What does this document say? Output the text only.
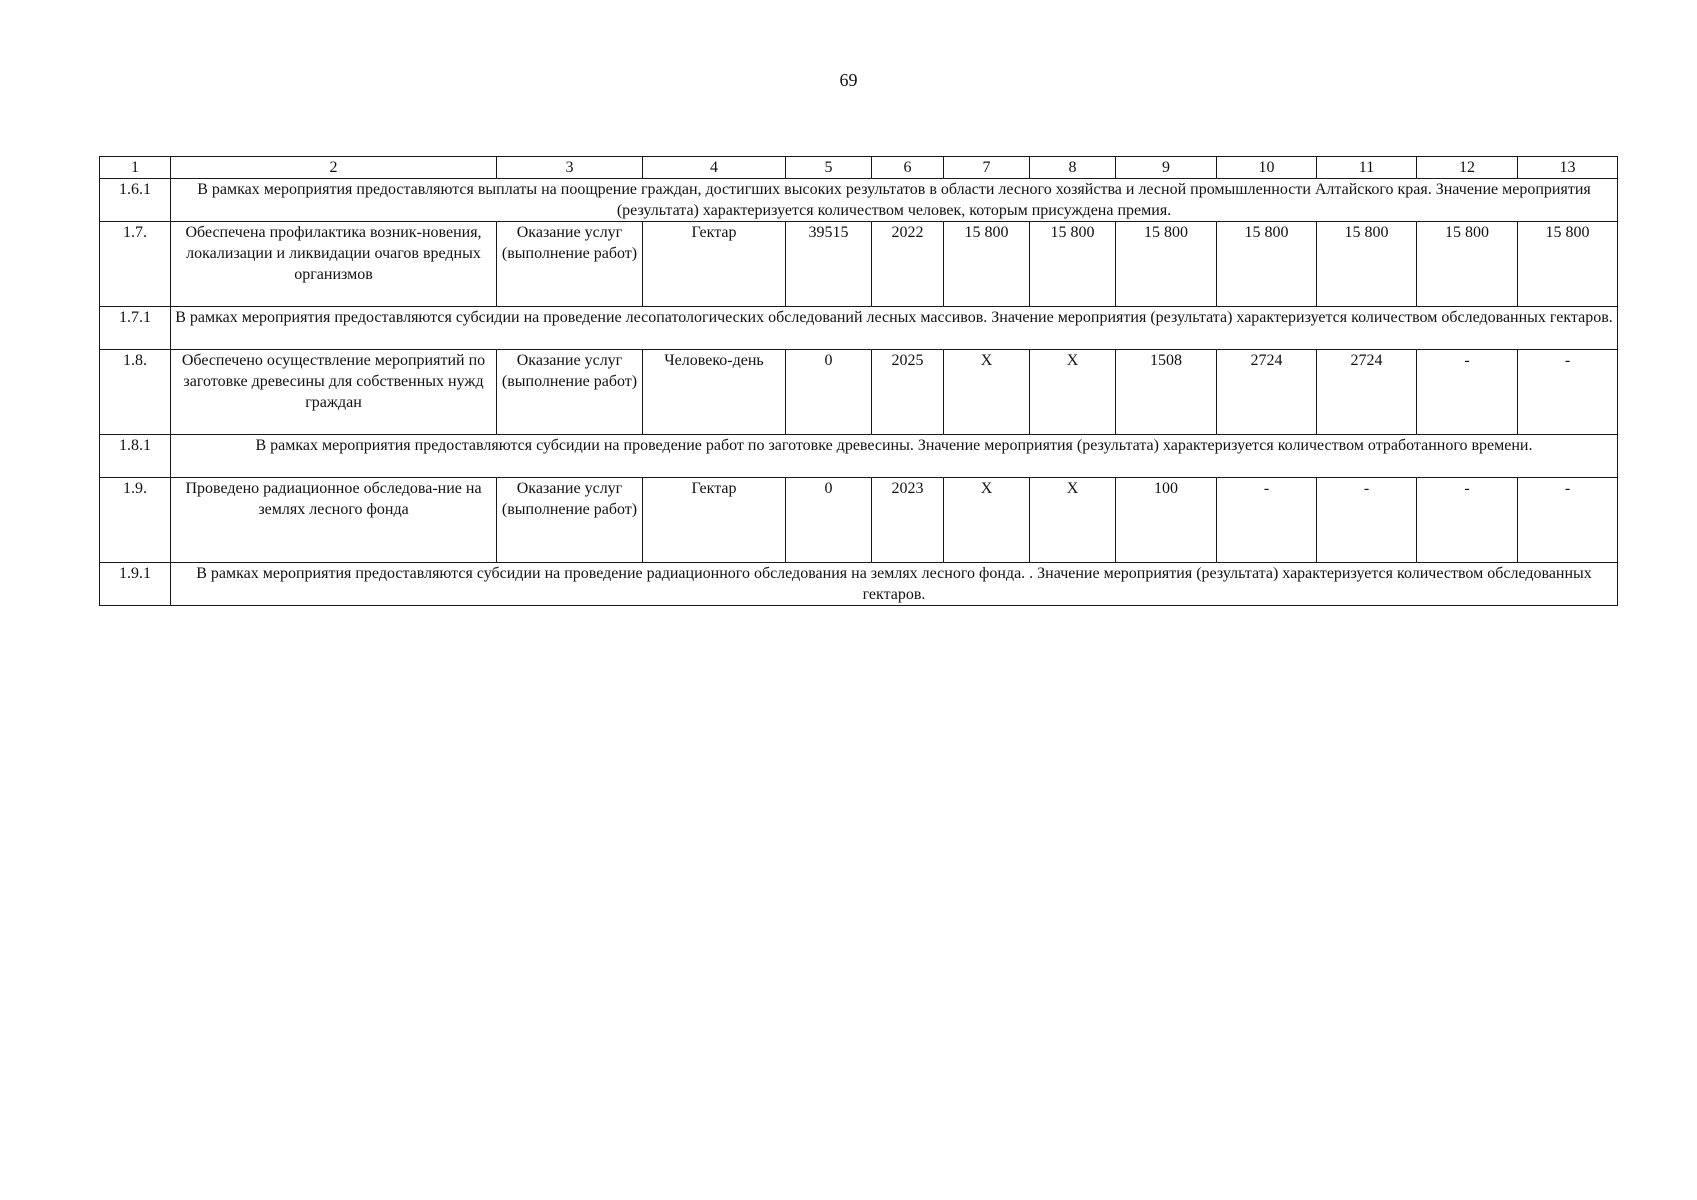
69
1	2	3	4	5	6	7	8	9	10	11	12	13
1.6.1	В рамках мероприятия предоставляются выплаты на поощрение граждан, достигших высоких результатов в области лесного хозяйства и лесной промышленности Алтайского края. Значение мероприятия (результата) характеризуется количеством человек, которым присуждена премия.											
1.7.	Обеспечена профилактика возник-новения, локализации и ликвидации очагов вредных организмов	Оказание услуг (выполнение работ)	Гектар	39515	2022	15 800	15 800	15 800	15 800	15 800	15 800	15 800
1.7.1	В рамках мероприятия предоставляются субсидии на проведение лесопатологических обследований лесных массивов. Значение мероприятия (результата) характеризуется количеством обследованных гектаров.											
1.8.	Обеспечено осуществление мероприятий по заготовке древесины для собственных нужд граждан	Оказание услуг (выполнение работ)	Человеко-день	0	2025	Х	Х	1508	2724	2724	-	-
1.8.1	В рамках мероприятия предоставляются субсидии на проведение работ по заготовке древесины. Значение мероприятия (результата) характеризуется количеством отработанного времени.											
1.9.	Проведено радиационное обследова-ние на землях лесного фонда	Оказание услуг (выполнение работ)	Гектар	0	2023	Х	Х	100	-	-	-	-
1.9.1	В рамках мероприятия предоставляются субсидии на проведение радиационного обследования на землях лесного фонда. . Значение мероприятия (результата) характеризуется количеством обследованных гектаров.											
